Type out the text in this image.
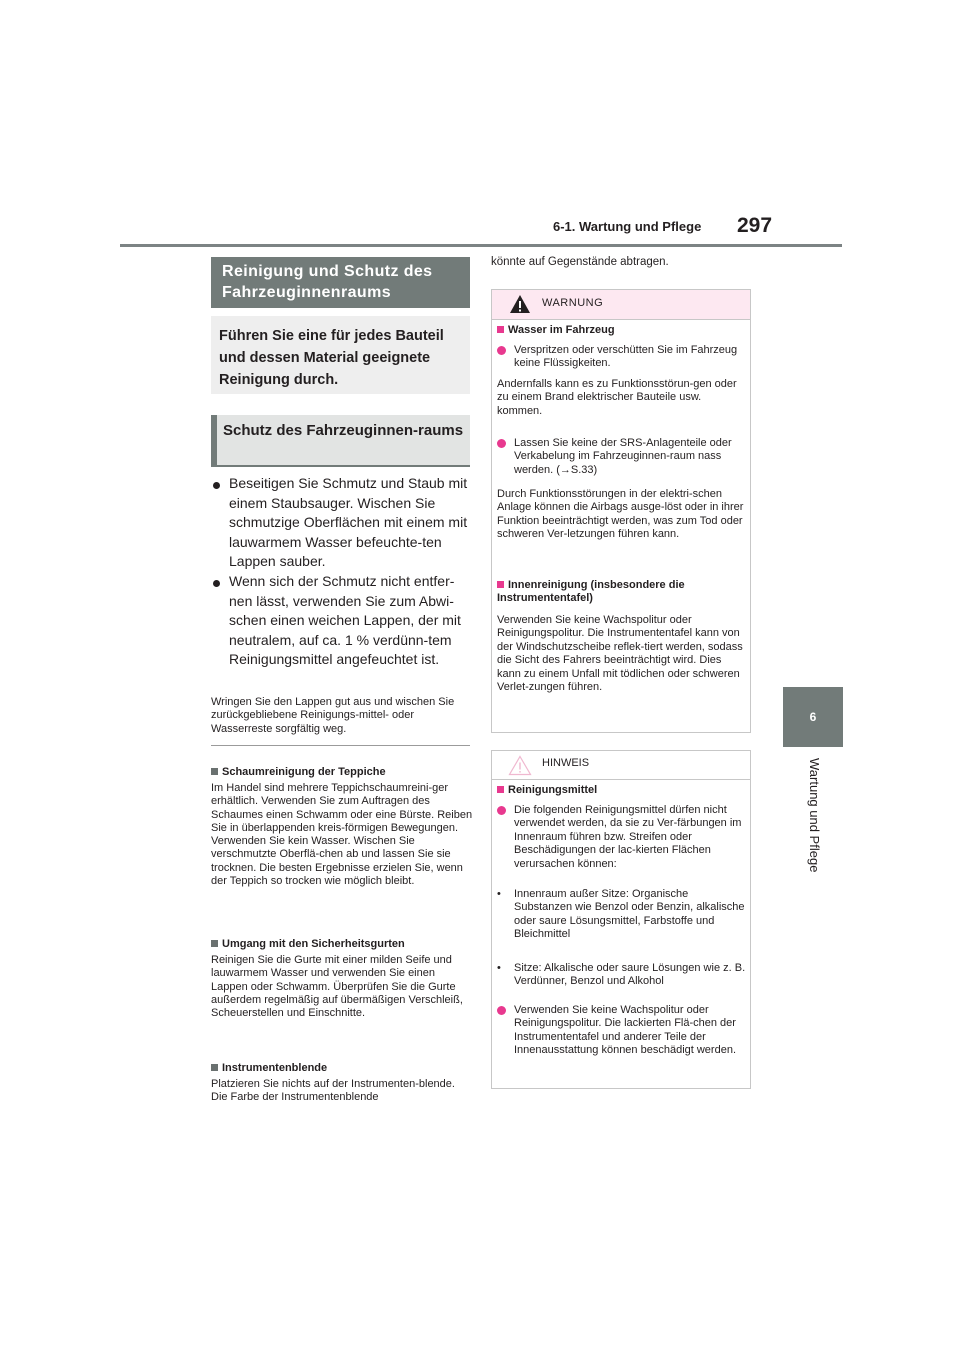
6-1. Wartung und Pflege 297
6
Wartung und Pflege
Reinigung und Schutz des Fahrzeuginnenraums
Führen Sie eine für jedes Bauteil und dessen Material geeignete Reinigung durch.
Schutz des Fahrzeuginnen-raums
Beseitigen Sie Schmutz und Staub mit einem Staubsauger. Wischen Sie schmutzige Oberflächen mit einem mit lauwarmem Wasser befeuchte-ten Lappen sauber.
Wenn sich der Schmutz nicht entfer-nen lässt, verwenden Sie zum Abwi-schen einen weichen Lappen, der mit neutralem, auf ca. 1 % verdünn-tem Reinigungsmittel angefeuchtet ist.
Wringen Sie den Lappen gut aus und wischen Sie zurückgebliebene Reinigungs-mittel- oder Wasserreste sorgfältig weg.
Schaumreinigung der Teppiche
Im Handel sind mehrere Teppichschaumreini-ger erhältlich. Verwenden Sie zum Auftragen des Schaumes einen Schwamm oder eine Bürste. Reiben Sie in überlappenden kreis-förmigen Bewegungen. Verwenden Sie kein Wasser. Wischen Sie verschmutzte Oberflä-chen ab und lassen Sie sie trocknen. Die besten Ergebnisse erzielen Sie, wenn der Teppich so trocken wie möglich bleibt.
Umgang mit den Sicherheitsgurten
Reinigen Sie die Gurte mit einer milden Seife und lauwarmem Wasser und verwenden Sie einen Lappen oder Schwamm. Überprüfen Sie die Gurte außerdem regelmäßig auf übermäßigen Verschleiß, Scheuerstellen und Einschnitte.
Instrumentenblende
Platzieren Sie nichts auf der Instrumenten-blende. Die Farbe der Instrumentenblende
könnte auf Gegenstände abtragen.
WARNUNG
Wasser im Fahrzeug
Verspritzen oder verschütten Sie im Fahrzeug keine Flüssigkeiten.
Andernfalls kann es zu Funktionsstörun-gen oder zu einem Brand elektrischer Bauteile usw. kommen.
Lassen Sie keine der SRS-Anlagenteile oder Verkabelung im Fahrzeuginnen-raum nass werden. (→S.33)
Durch Funktionsstörungen in der elektri-schen Anlage können die Airbags ausge-löst oder in ihrer Funktion beeinträchtigt werden, was zum Tod oder schweren Ver-letzungen führen kann.
Innenreinigung (insbesondere die Instrumententafel)
Verwenden Sie keine Wachspolitur oder Reinigungspolitur. Die Instrumententafel kann von der Windschutzscheibe reflek-tiert werden, sodass die Sicht des Fahrers beeinträchtigt wird. Dies kann zu einem Unfall mit tödlichen oder schweren Verlet-zungen führen.
HINWEIS
Reinigungsmittel
Die folgenden Reinigungsmittel dürfen nicht verwendet werden, da sie zu Ver-färbungen im Innenraum führen bzw. Streifen oder Beschädigungen der lac-kierten Flächen verursachen können:
•	Innenraum außer Sitze: Organische Substanzen wie Benzol oder Benzin, alkalische oder saure Lösungsmittel, Farbstoffe und Bleichmittel
•	Sitze: Alkalische oder saure Lösungen wie z. B. Verdünner, Benzol und Alkohol
Verwenden Sie keine Wachspolitur oder Reinigungspolitur. Die lackierten Flä-chen der Instrumententafel und anderer Teile der Innenausstattung können beschädigt werden.
